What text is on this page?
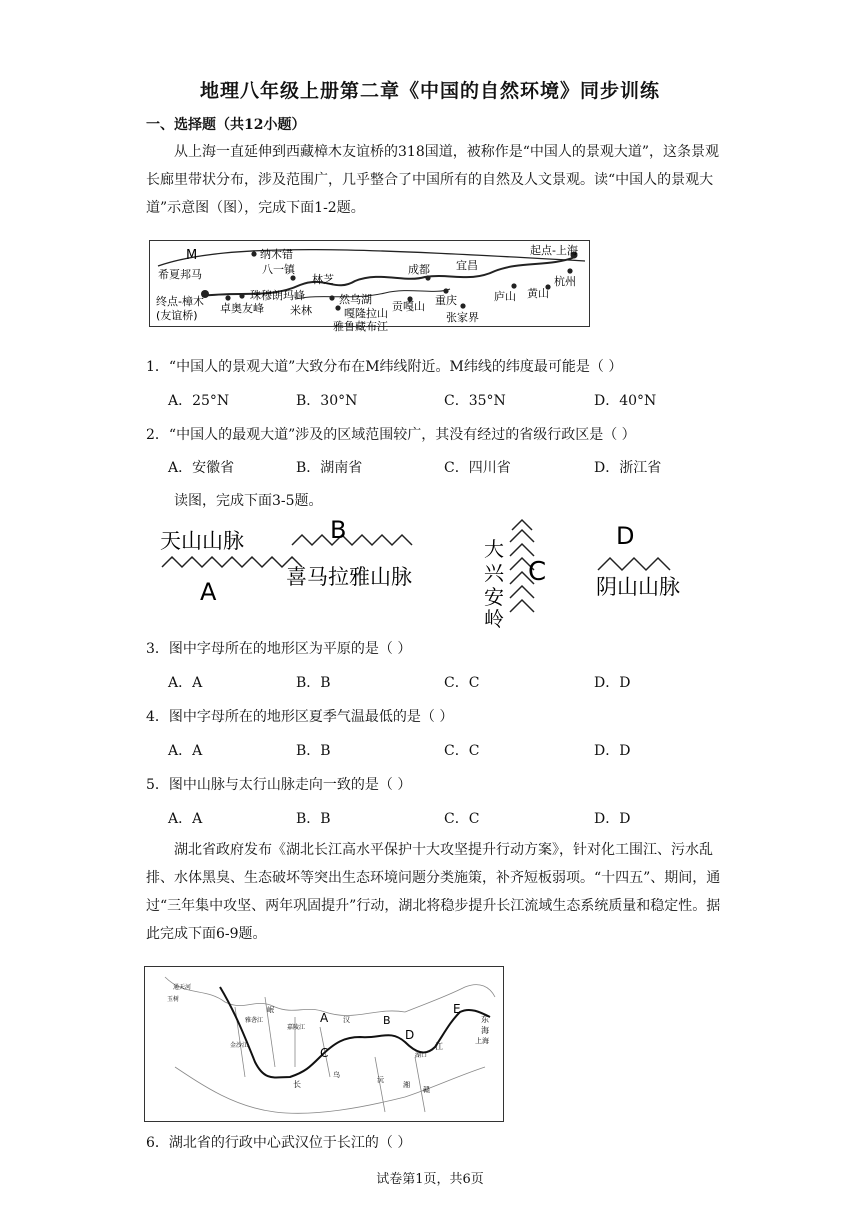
地理八年级上册第二章《中国的自然环境》同步训练
一、选择题（共12小题）
从上海一直延伸到西藏樟木友谊桥的318国道，被称作是“中国人的景观大道”，这条景观长廊里带状分布，涉及范围广，几乎整合了中国所有的自然及人文景观。读“中国人的景观大道”示意图（图），完成下面1-2题。
M	纳木错
八一镇
林芝
成都 宜昌
起点-上海
希夏邦马
终点-樟木
(友谊桥)
卓奥友峰
珠穆朗玛峰
米林
然乌湖
嘎隆拉山
雅鲁藏布江
贡嘎山 重庆
张家界
庐山 黄山
杭州
1．“中国人的景观大道”大致分布在M纬线附近。M纬线的纬度最可能是（ ）
A．25°N	B．30°N	C．35°N	D．40°N
2．“中国人的最观大道”涉及的区域范围较广，其没有经过的省级行政区是（ ）
A．安徽省	B．湖南省	C．四川省	D．浙江省
读图，完成下面3-5题。
天山山脉
A
B
喜马拉雅山脉
大
兴
安
岭
C
D
阴山山脉
3．图中字母所在的地形区为平原的是（ ）
A．A	B．B	C．C	D．D
4．图中字母所在的地形区夏季气温最低的是（ ）
A．A	B．B	C．C	D．D
5．图中山脉与太行山脉走向一致的是（ ）
A．A	B．B	C．C	D．D
湖北省政府发布《湖北长江高水平保护十大攻坚提升行动方案》，针对化工围江、污水乱排、水体黑臭、生态破坏等突出生态环境问题分类施策，补齐短板弱项。“十四五”、期间，通过“三年集中攻坚、两年巩固提升”行动，湖北将稳步提升长江流域生态系统质量和稳定性。据此完成下面6-9题。
A	B
C
D
E
东
海
上海
江
长
湖口
沅
湘
赣
金沙江
通天河
玉树
岷
雅砻江	汉
嘉陵江
乌
6．湖北省的行政中心武汉位于长江的（ ）
试卷第1页，共6页
